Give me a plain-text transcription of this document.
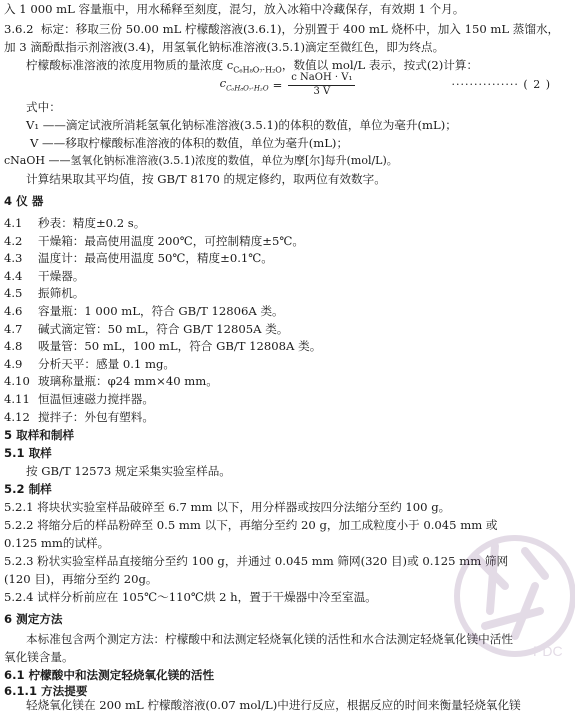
入 1 000 mL 容量瓶中，用水稀释至刻度，混匀，放入冰箱中冷藏保存，有效期 1 个月。

3.6.2 标定：移取三份 50.00 mL 柠檬酸溶液(3.6.1)，分别置于 400 mL 烧杯中，加入 150 mL 蒸馏水，

加 3 滴酚酞指示剂溶液(3.4)，用氢氧化钠标准溶液(3.5.1)滴定至微红色，即为终点。

柠檬酸标准溶液的浓度用物质的量浓度 $c_{C_6H_8O_7\cdot H_2O}$，数值以 mol/L 表示，按式(2)计算：

$c_{C_6H_8O_7\cdot H_2O} = \frac{\text{c NaOH · V₁}}{3 V}$	··············· ( 2 )

式中：

V₁ ——滴定试液所消耗氢氧化钠标准溶液(3.5.1)的体积的数值，单位为毫升(mL)；

V ——移取柠檬酸标准溶液的体积的数值，单位为毫升(mL)；

cNaOH ——氢氧化钠标准溶液(3.5.1)浓度的数值，单位为摩[尔]每升(mol/L)。

计算结果取其平均值，按 GB/T 8170 的规定修约，取两位有效数字。

4 仪 器

4.1 秒表：精度±0.2 s。

4.2 干燥箱：最高使用温度 200℃，可控制精度±5℃。

4.3 温度计：最高使用温度 50℃，精度±0.1℃。

4.4 干燥器。

4.5 振筛机。

4.6 容量瓶：1 000 mL，符合 GB/T 12806A 类。

4.7 碱式滴定管：50 mL，符合 GB/T 12805A 类。

4.8 吸量管：50 mL，100 mL，符合 GB/T 12808A 类。

4.9 分析天平：感量 0.1 mg。

4.10 玻璃称量瓶：φ24 mm×40 mm。

4.11 恒温恒速磁力搅拌器。

4.12 搅拌子：外包有塑料。

5 取样和制样

5.1 取样

按 GB/T 12573 规定采集实验室样品。

5.2 制样

5.2.1 将块状实验室样品破碎至 6.7 mm 以下，用分样器或按四分法缩分至约 100 g。

5.2.2 将缩分后的样品粉碎至 0.5 mm 以下，再缩分至约 20 g，加工成粒度小于 0.045 mm 或

0.125 mm的试样。

5.2.3 粉状实验室样品直接缩分至约 100 g，并通过 0.045 mm 筛网(320 目)或 0.125 mm 筛网

(120 目)，再缩分至约 20g。

5.2.4 试样分析前应在 105℃～110℃烘 2 h，置于干燥器中冷至室温。

6 测定方法

本标准包含两个测定方法：柠檬酸中和法测定轻烧氧化镁的活性和水合法测定轻烧氧化镁中活性

氧化镁含量。

6.1 柠檬酸中和法测定轻烧氧化镁的活性

6.1.1 方法提要

轻烧氧化镁在 200 mL 柠檬酸溶液(0.07 mol/L)中进行反应，根据反应的时间来衡量轻烧氧化镁

PDC
